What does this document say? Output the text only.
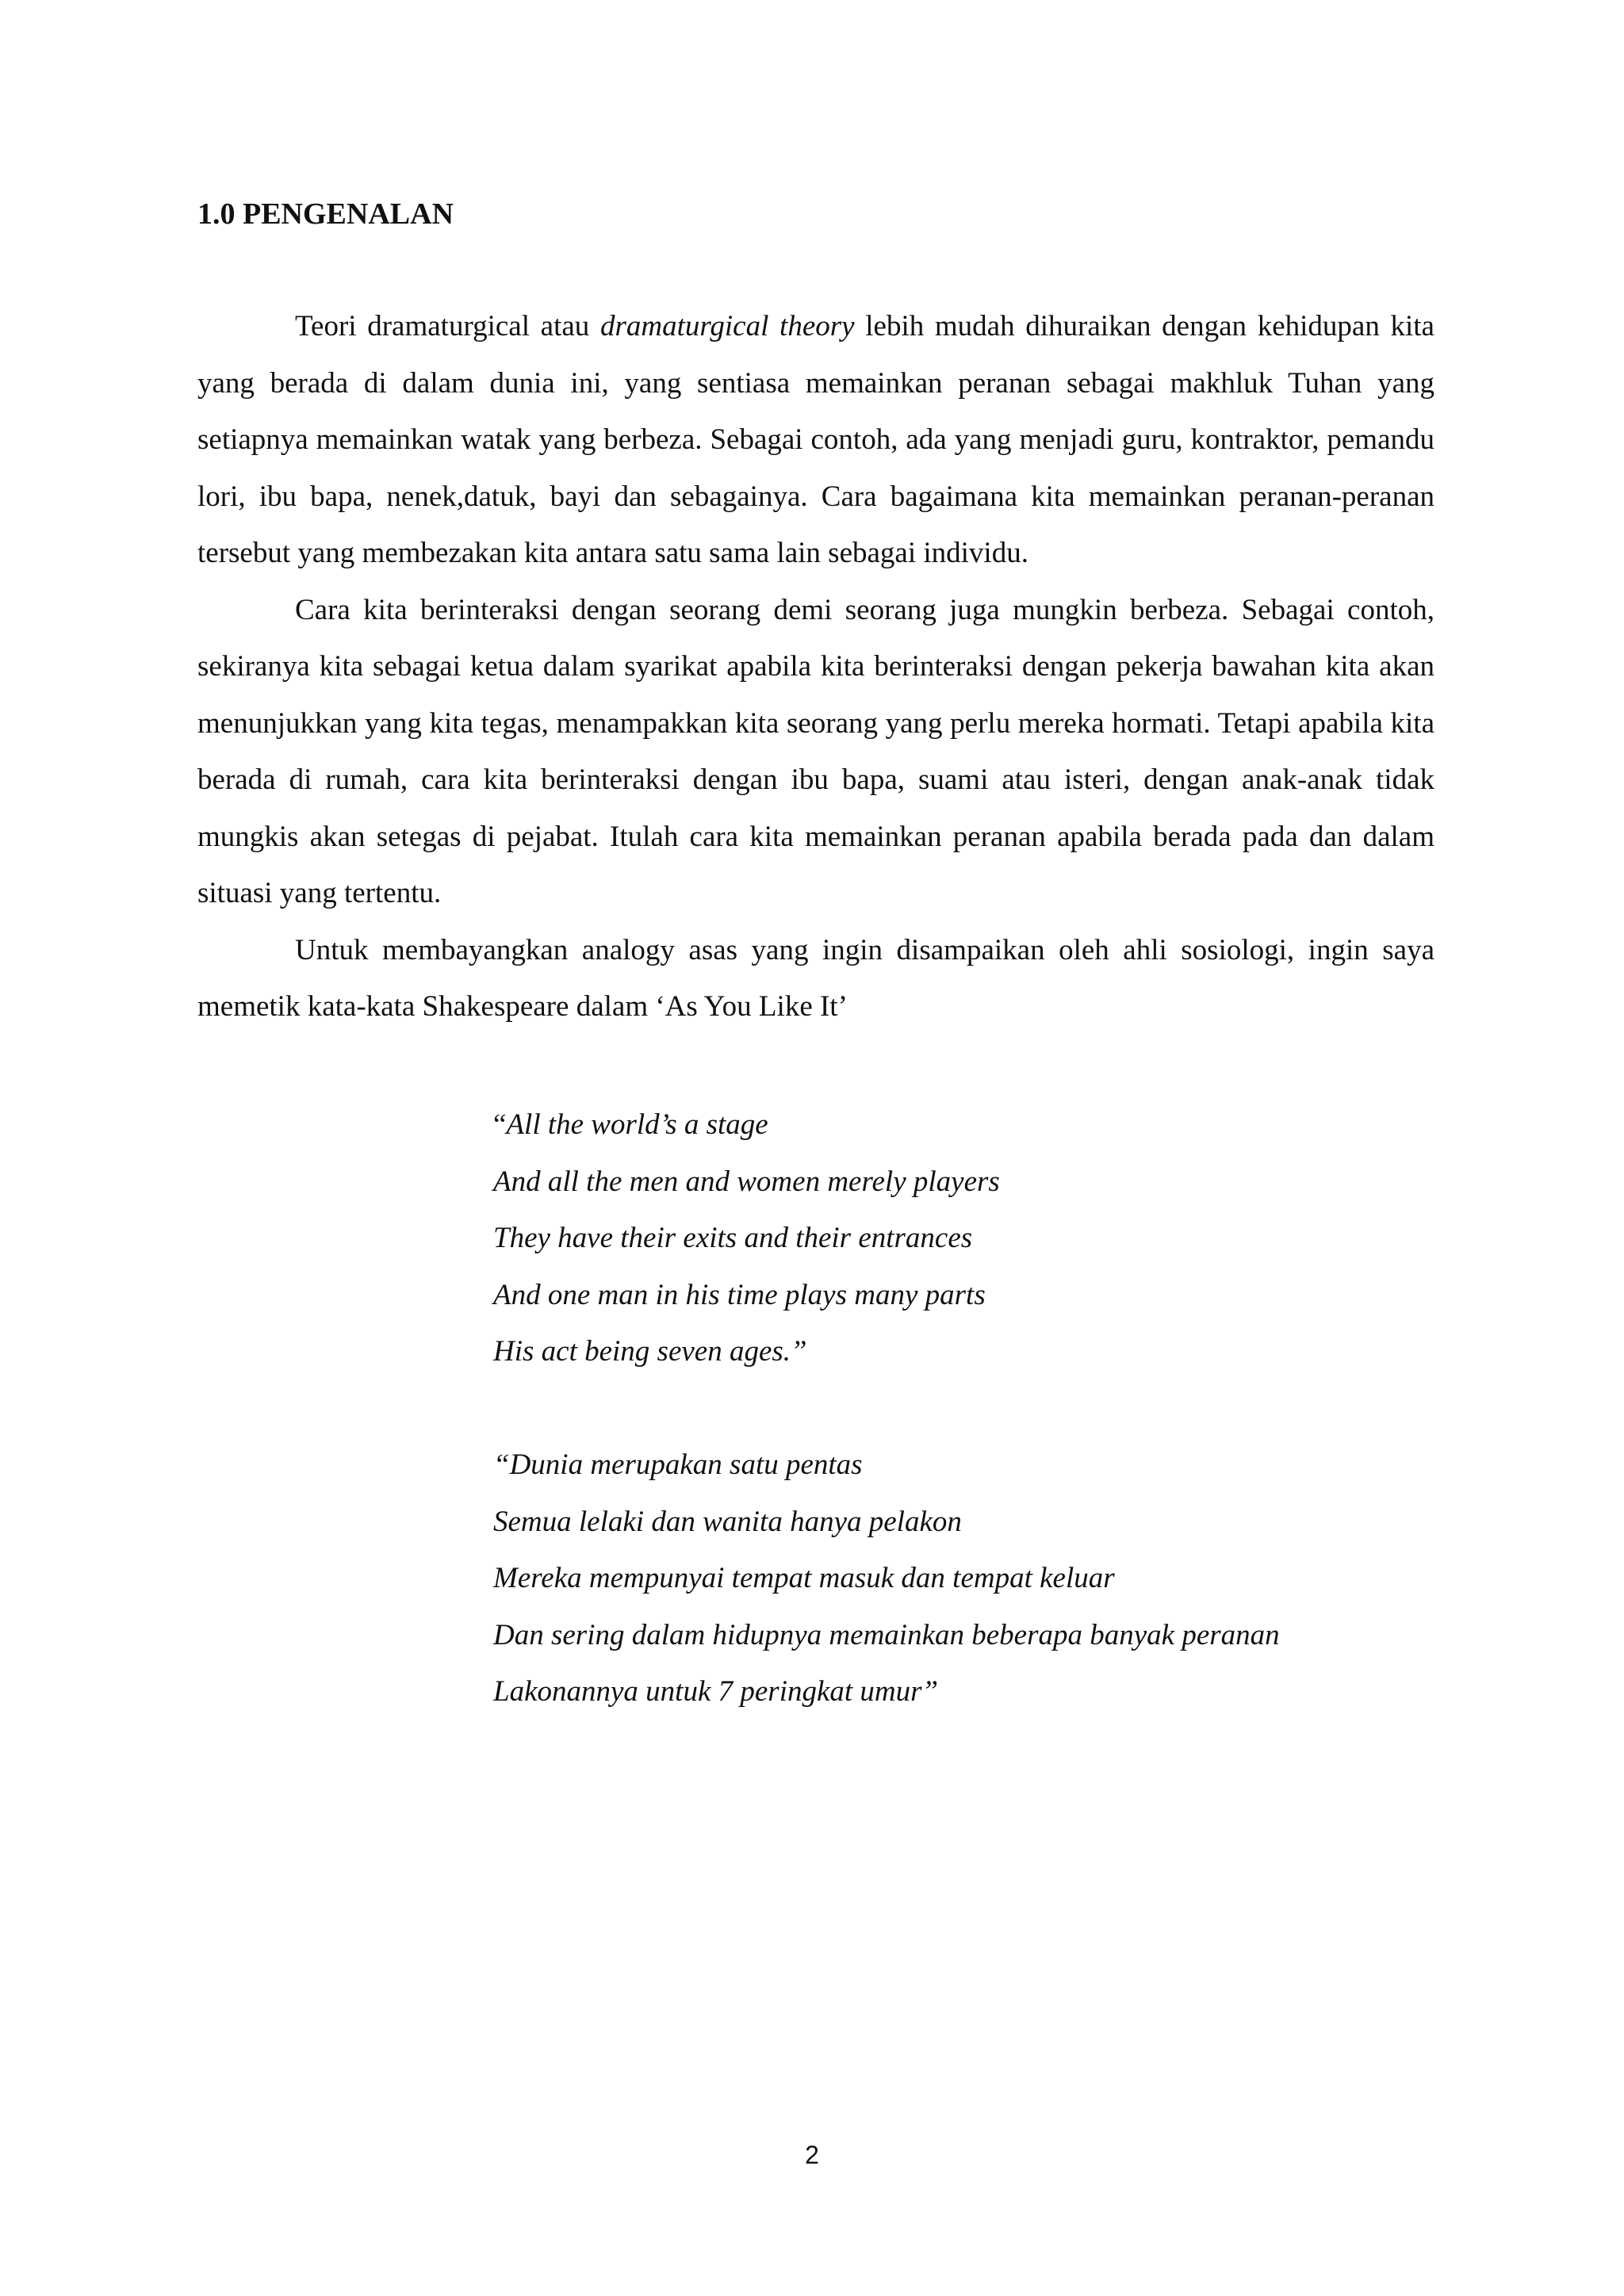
1.0 PENGENALAN

Teori dramaturgical atau dramaturgical theory lebih mudah dihuraikan dengan kehidupan kita yang berada di dalam dunia ini, yang sentiasa memainkan peranan sebagai makhluk Tuhan yang setiapnya memainkan watak yang berbeza. Sebagai contoh, ada yang menjadi guru, kontraktor, pemandu lori, ibu bapa, nenek,datuk, bayi dan sebagainya. Cara bagaimana kita memainkan peranan-peranan tersebut yang membezakan kita antara satu sama lain sebagai individu.

Cara kita berinteraksi dengan seorang demi seorang juga mungkin berbeza. Sebagai contoh, sekiranya kita sebagai ketua dalam syarikat apabila kita berinteraksi dengan pekerja bawahan kita akan menunjukkan yang kita tegas, menampakkan kita seorang yang perlu mereka hormati. Tetapi apabila kita berada di rumah, cara kita berinteraksi dengan ibu bapa, suami atau isteri, dengan anak-anak tidak mungkis akan setegas di pejabat. Itulah cara kita memainkan peranan apabila berada pada dan dalam situasi yang tertentu.

Untuk membayangkan analogy asas yang ingin disampaikan oleh ahli sosiologi, ingin saya memetik kata-kata Shakespeare dalam ‘As You Like It’

“All the world’s a stage
And all the men and women merely players
They have their exits and their entrances
And one man in his time plays many parts
His act being seven ages.”
“Dunia merupakan satu pentas
Semua lelaki dan wanita hanya pelakon
Mereka mempunyai tempat masuk dan tempat keluar
Dan sering dalam hidupnya memainkan beberapa banyak peranan
Lakonannya untuk 7 peringkat umur”
2
